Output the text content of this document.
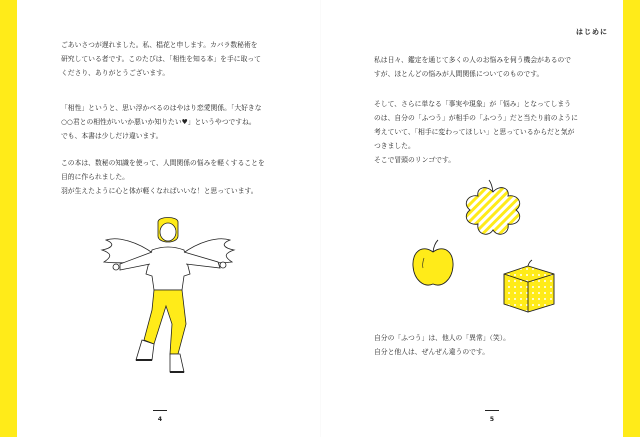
はじめに
ごあいさつが遅れました。私、椙花と申します。カバラ数秘術を
研究している者です。このたびは、「相性を知る本」を手に取って
くださり、ありがとうございます。
「相性」というと、思い浮かべるのはやはり恋愛関係。「大好きな
○○君との相性がいいか悪いか知りたい♥」というやつですね。
でも、本書は少しだけ違います。
この本は、数秘の知識を使って、人間関係の悩みを軽くすることを
目的に作られました。
羽が生えたように心と体が軽くなればいいな！と思っています。
4
私は日々、鑑定を通じて多くの人のお悩みを伺う機会があるので
すが、ほとんどの悩みが人間関係についてのものです。
そして、さらに単なる「事実や現象」が「悩み」となってしまう
のは、自分の「ふつう」が相手の「ふつう」だと当たり前のように
考えていて、「相手に変わってほしい」と思っているからだと気が
つきました。
そこで冒頭のリンゴです。
自分の「ふつう」は、他人の「異常」（笑）。
自分と他人は、ぜんぜん違うのです。
5
